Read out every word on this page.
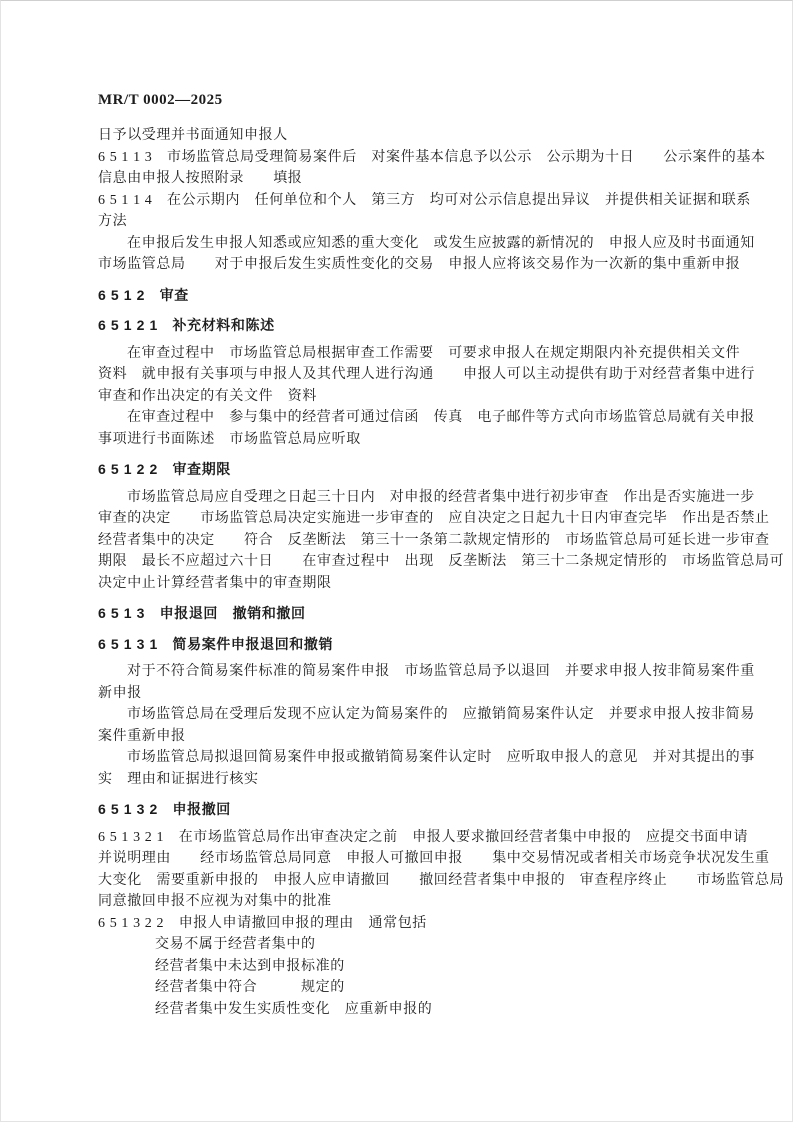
MR/T 0002—2025
日予以受理并书面通知申报人
6 5 1 1 3　市场监管总局受理简易案件后　对案件基本信息予以公示　公示期为十日　　公示案件的基本
信息由申报人按照附录　　填报
6 5 1 1 4　在公示期内　任何单位和个人　第三方　均可对公示信息提出异议　并提供相关证据和联系
方法
在申报后发生申报人知悉或应知悉的重大变化　或发生应披露的新情况的　申报人应及时书面通知
市场监管总局　　对于申报后发生实质性变化的交易　申报人应将该交易作为一次新的集中重新申报
6 5 1 2　审查
6 5 1 2 1　补充材料和陈述
在审查过程中　市场监管总局根据审查工作需要　可要求申报人在规定期限内补充提供相关文件
资料　就申报有关事项与申报人及其代理人进行沟通　　申报人可以主动提供有助于对经营者集中进行
审查和作出决定的有关文件　资料
在审查过程中　参与集中的经营者可通过信函　传真　电子邮件等方式向市场监管总局就有关申报
事项进行书面陈述　市场监管总局应听取
6 5 1 2 2　审查期限
市场监管总局应自受理之日起三十日内　对申报的经营者集中进行初步审查　作出是否实施进一步
审查的决定　　市场监管总局决定实施进一步审查的　应自决定之日起九十日内审查完毕　作出是否禁止
经营者集中的决定　　符合　反垄断法　第三十一条第二款规定情形的　市场监管总局可延长进一步审查
期限　最长不应超过六十日　　在审查过程中　出现　反垄断法　第三十二条规定情形的　市场监管总局可
决定中止计算经营者集中的审查期限
6 5 1 3　申报退回　撤销和撤回
6 5 1 3 1　简易案件申报退回和撤销
对于不符合简易案件标准的简易案件申报　市场监管总局予以退回　并要求申报人按非简易案件重
新申报
市场监管总局在受理后发现不应认定为简易案件的　应撤销简易案件认定　并要求申报人按非简易
案件重新申报
市场监管总局拟退回简易案件申报或撤销简易案件认定时　应听取申报人的意见　并对其提出的事
实　理由和证据进行核实
6 5 1 3 2　申报撤回
6 5 1 3 2 1　在市场监管总局作出审查决定之前　申报人要求撤回经营者集中申报的　应提交书面申请
并说明理由　　经市场监管总局同意　申报人可撤回申报　　集中交易情况或者相关市场竞争状况发生重
大变化　需要重新申报的　申报人应申请撤回　　撤回经营者集中申报的　审查程序终止　　市场监管总局
同意撤回申报不应视为对集中的批准
6 5 1 3 2 2　申报人申请撤回申报的理由　通常包括
交易不属于经营者集中的
经营者集中未达到申报标准的
经营者集中符合　　　规定的
经营者集中发生实质性变化　应重新申报的
